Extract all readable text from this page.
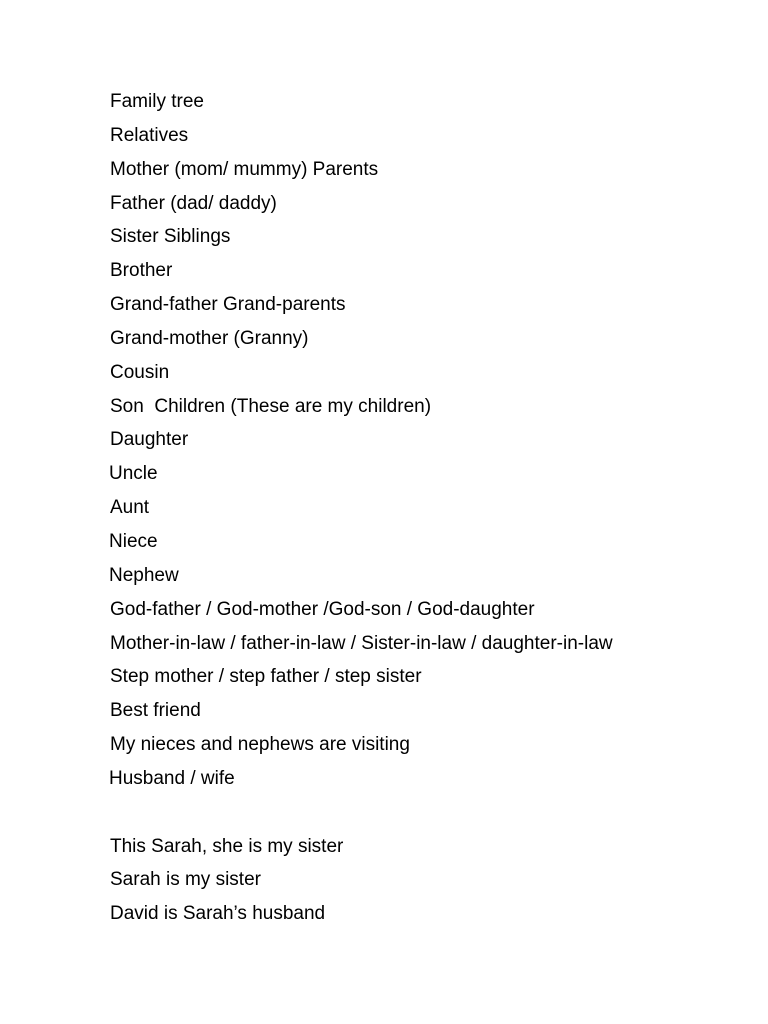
Family tree
Relatives
Mother (mom/ mummy) Parents
Father (dad/ daddy)
Sister Siblings
Brother
Grand-father Grand-parents
Grand-mother (Granny)
Cousin
Son  Children (These are my children)
Daughter
Uncle
Aunt
Niece
Nephew
God-father / God-mother /God-son / God-daughter
Mother-in-law / father-in-law / Sister-in-law / daughter-in-law
Step mother / step father / step sister
Best friend
My nieces and nephews are visiting
Husband / wife
This Sarah, she is my sister
Sarah is my sister
David is Sarah’s husband
